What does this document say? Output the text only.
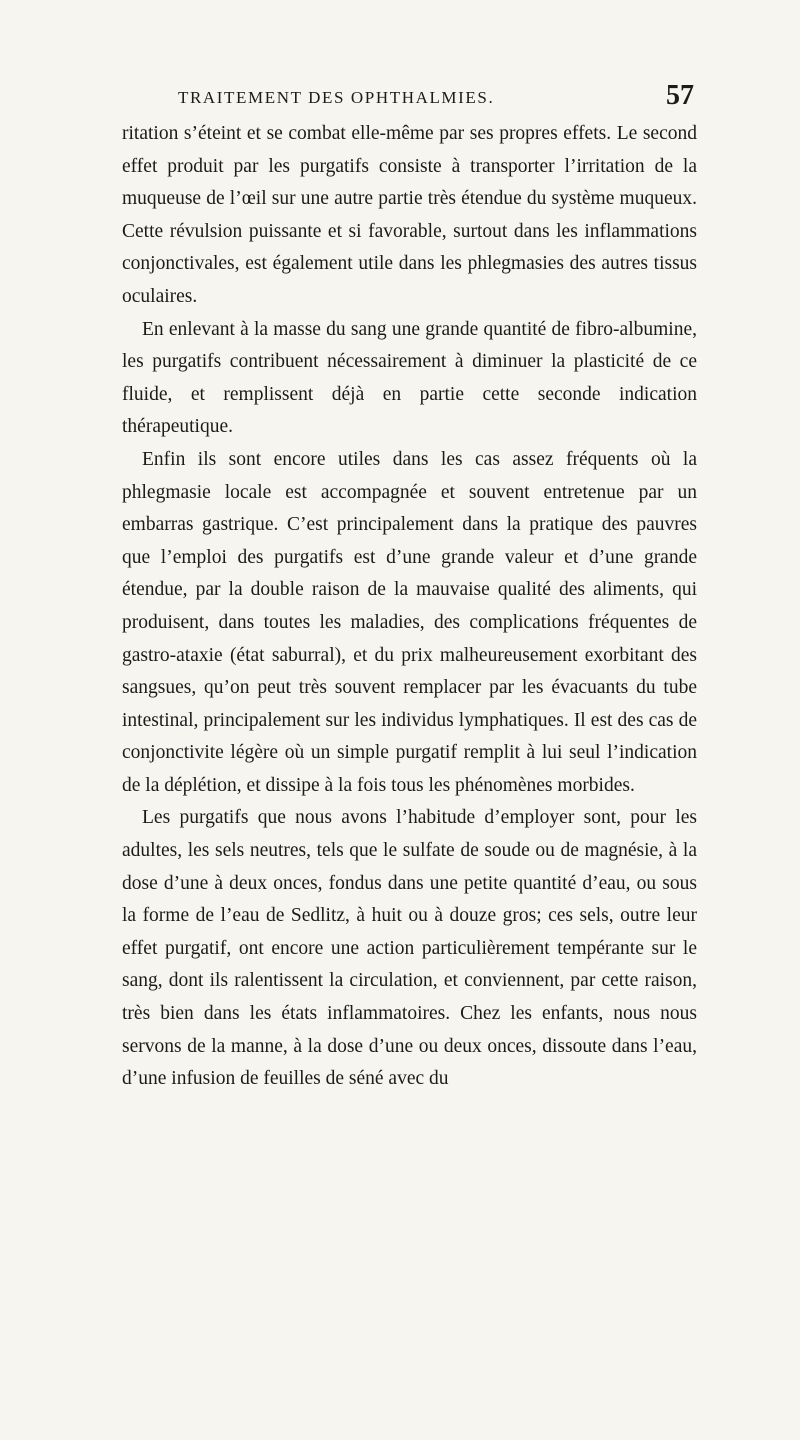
TRAITEMENT DES OPHTHALMIES.	57

ritation s’éteint et se combat elle-même par ses propres effets. Le second effet produit par les purgatifs consiste à transporter l’irritation de la muqueuse de l’œil sur une autre partie très étendue du système muqueux. Cette révulsion puissante et si favorable, surtout dans les inflammations conjonctivales, est également utile dans les phlegmasies des autres tissus oculaires.

En enlevant à la masse du sang une grande quantité de fibro-albumine, les purgatifs contribuent nécessairement à diminuer la plasticité de ce fluide, et remplissent déjà en partie cette seconde indication thérapeutique.

Enfin ils sont encore utiles dans les cas assez fréquents où la phlegmasie locale est accompagnée et souvent entretenue par un embarras gastrique. C’est principalement dans la pratique des pauvres que l’emploi des purgatifs est d’une grande valeur et d’une grande étendue, par la double raison de la mauvaise qualité des aliments, qui produisent, dans toutes les maladies, des complications fréquentes de gastro-ataxie (état saburral), et du prix malheureusement exorbitant des sangsues, qu’on peut très souvent remplacer par les évacuants du tube intestinal, principalement sur les individus lymphatiques. Il est des cas de conjonctivite légère où un simple purgatif remplit à lui seul l’indication de la déplétion, et dissipe à la fois tous les phénomènes morbides.

Les purgatifs que nous avons l’habitude d’employer sont, pour les adultes, les sels neutres, tels que le sulfate de soude ou de magnésie, à la dose d’une à deux onces, fondus dans une petite quantité d’eau, ou sous la forme de l’eau de Sedlitz, à huit ou à douze gros; ces sels, outre leur effet purgatif, ont encore une action particulièrement tempérante sur le sang, dont ils ralentissent la circulation, et conviennent, par cette raison, très bien dans les états inflammatoires. Chez les enfants, nous nous servons de la manne, à la dose d’une ou deux onces, dissoute dans l’eau, d’une infusion de feuilles de séné avec du
